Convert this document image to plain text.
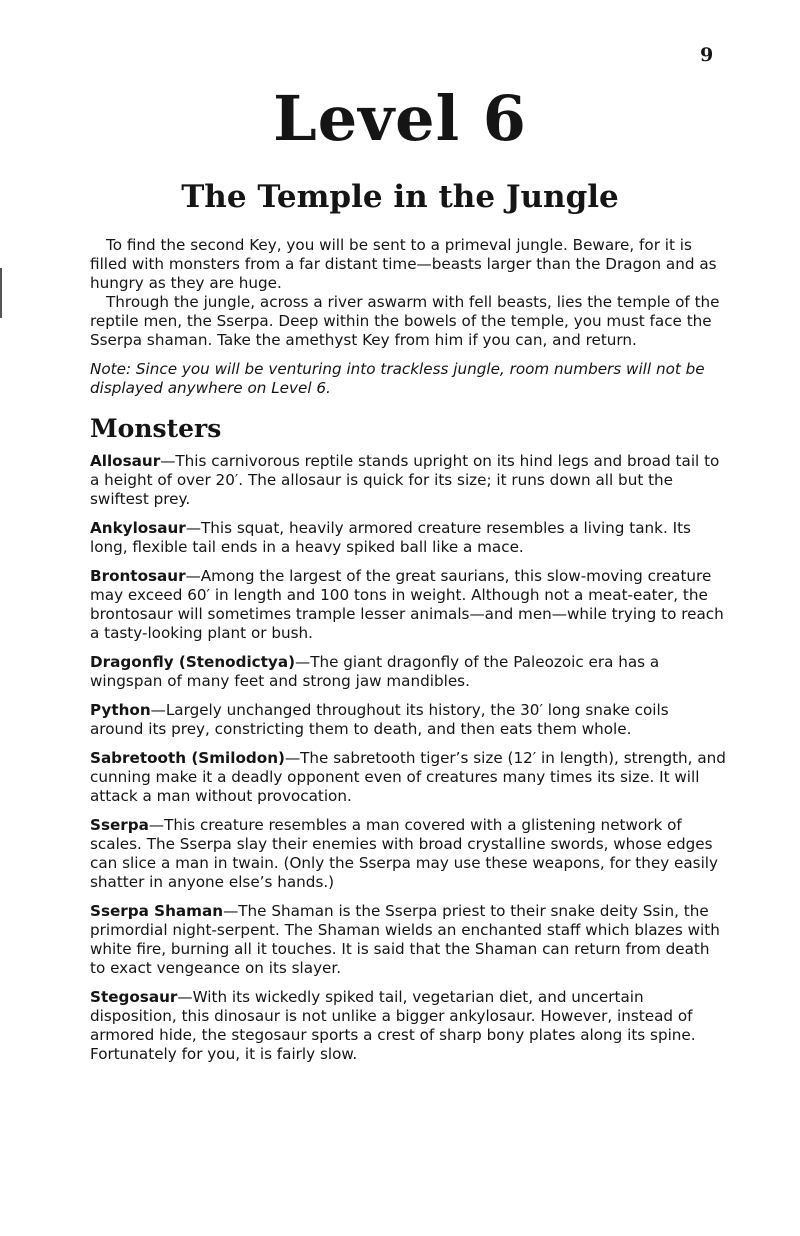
9
Level 6
The Temple in the Jungle

To find the second Key, you will be sent to a primeval jungle. Beware, for it is filled with monsters from a far distant time—beasts larger than the Dragon and as hungry as they are huge.

Through the jungle, across a river aswarm with fell beasts, lies the temple of the reptile men, the Sserpa. Deep within the bowels of the temple, you must face the Sserpa shaman. Take the amethyst Key from him if you can, and return.

Note: Since you will be venturing into trackless jungle, room numbers will not be displayed anywhere on Level 6.

Monsters

Allosaur—This carnivorous reptile stands upright on its hind legs and broad tail to a height of over 20′. The allosaur is quick for its size; it runs down all but the swiftest prey.

Ankylosaur—This squat, heavily armored creature resembles a living tank. Its long, flexible tail ends in a heavy spiked ball like a mace.

Brontosaur—Among the largest of the great saurians, this slow-moving creature may exceed 60′ in length and 100 tons in weight. Although not a meat-eater, the brontosaur will sometimes trample lesser animals—and men—while trying to reach a tasty-looking plant or bush.

Dragonfly (Stenodictya)—The giant dragonfly of the Paleozoic era has a wingspan of many feet and strong jaw mandibles.

Python—Largely unchanged throughout its history, the 30′ long snake coils around its prey, constricting them to death, and then eats them whole.

Sabretooth (Smilodon)—The sabretooth tiger’s size (12′ in length), strength, and cunning make it a deadly opponent even of creatures many times its size. It will attack a man without provocation.

Sserpa—This creature resembles a man covered with a glistening network of scales. The Sserpa slay their enemies with broad crystalline swords, whose edges can slice a man in twain. (Only the Sserpa may use these weapons, for they easily shatter in anyone else’s hands.)

Sserpa Shaman—The Shaman is the Sserpa priest to their snake deity Ssin, the primordial night-serpent. The Shaman wields an enchanted staff which blazes with white fire, burning all it touches. It is said that the Shaman can return from death to exact vengeance on its slayer.

Stegosaur—With its wickedly spiked tail, vegetarian diet, and uncertain disposition, this dinosaur is not unlike a bigger ankylosaur. However, instead of armored hide, the stegosaur sports a crest of sharp bony plates along its spine. Fortunately for you, it is fairly slow.
